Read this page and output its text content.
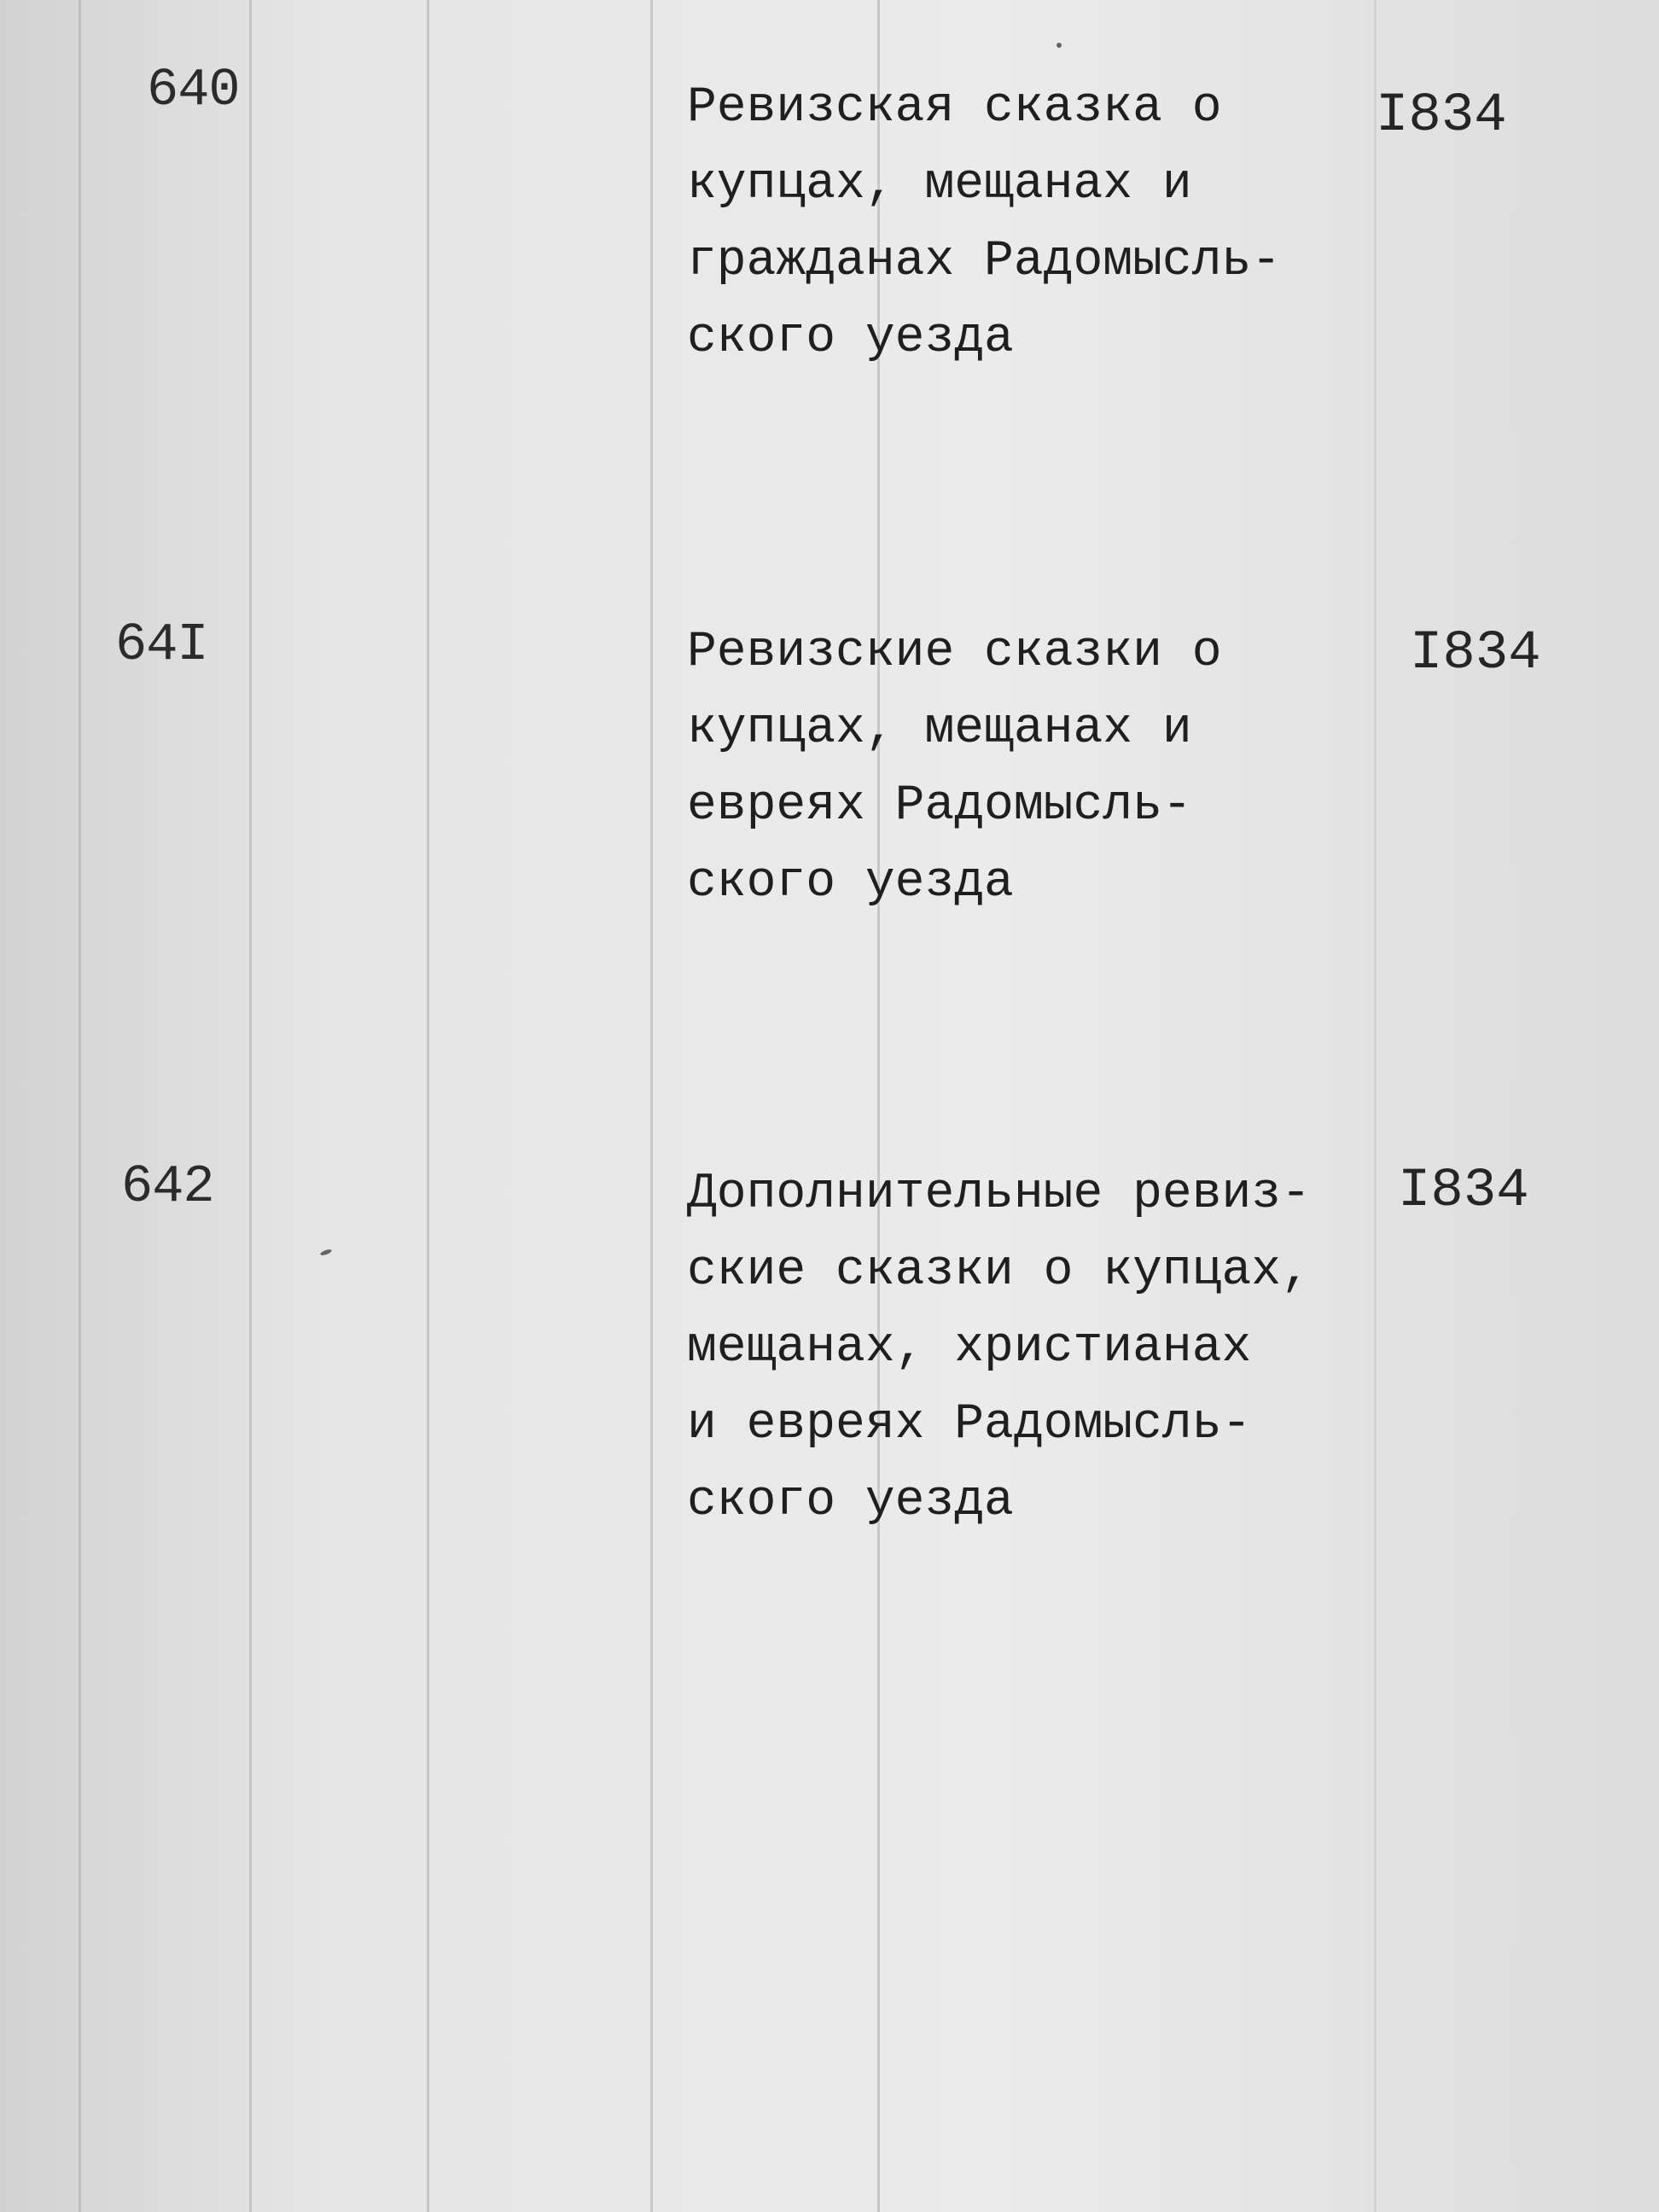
640	Ревизская сказка о
купцах, мещанах и
гражданах Радомысль-
ского уезда
I834
64I	Ревизские сказки о
купцах, мещанах и
евреях Радомысль-
ского уезда
I834
642	Дополнительные ревиз-
ские сказки о купцах,
мещанах, христианах
и евреях Радомысль-
ского уезда
I834
